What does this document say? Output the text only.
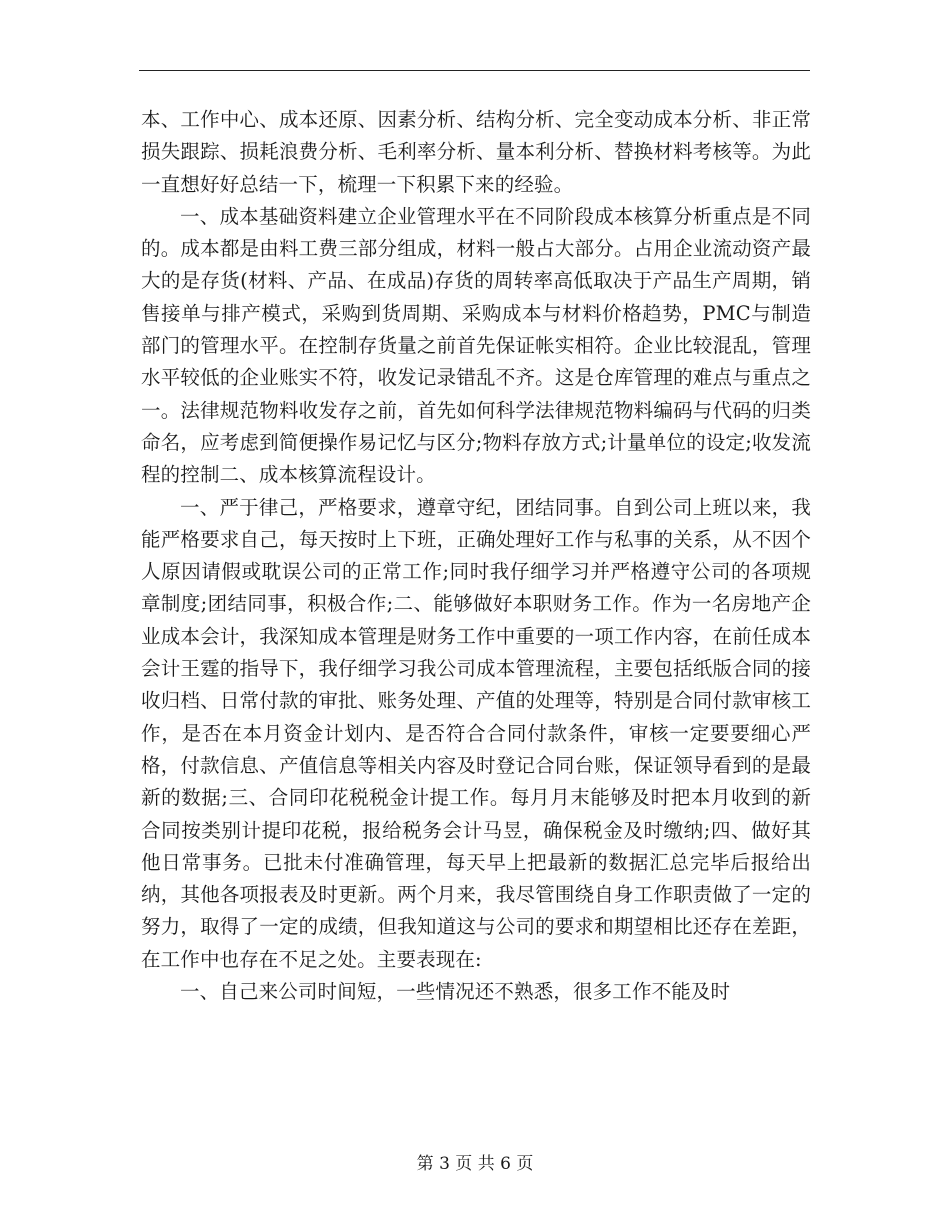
本、工作中心、成本还原、因素分析、结构分析、完全变动成本分析、非正常损失跟踪、损耗浪费分析、毛利率分析、量本利分析、替换材料考核等。为此一直想好好总结一下，梳理一下积累下来的经验。

一、成本基础资料建立企业管理水平在不同阶段成本核算分析重点是不同的。成本都是由料工费三部分组成，材料一般占大部分。占用企业流动资产最大的是存货(材料、产品、在成品)存货的周转率高低取决于产品生产周期，销售接单与排产模式，采购到货周期、采购成本与材料价格趋势，PMC与制造部门的管理水平。在控制存货量之前首先保证帐实相符。企业比较混乱，管理水平较低的企业账实不符，收发记录错乱不齐。这是仓库管理的难点与重点之一。法律规范物料收发存之前，首先如何科学法律规范物料编码与代码的归类命名，应考虑到简便操作易记忆与区分;物料存放方式;计量单位的设定;收发流程的控制二、成本核算流程设计。

一、严于律己，严格要求，遵章守纪，团结同事。自到公司上班以来，我能严格要求自己，每天按时上下班，正确处理好工作与私事的关系，从不因个人原因请假或耽误公司的正常工作;同时我仔细学习并严格遵守公司的各项规章制度;团结同事，积极合作;二、能够做好本职财务工作。作为一名房地产企业成本会计，我深知成本管理是财务工作中重要的一项工作内容，在前任成本会计王霆的指导下，我仔细学习我公司成本管理流程，主要包括纸版合同的接收归档、日常付款的审批、账务处理、产值的处理等，特别是合同付款审核工作，是否在本月资金计划内、是否符合合同付款条件，审核一定要要细心严格，付款信息、产值信息等相关内容及时登记合同台账，保证领导看到的是最新的数据;三、合同印花税税金计提工作。每月月末能够及时把本月收到的新合同按类别计提印花税，报给税务会计马昱，确保税金及时缴纳;四、做好其他日常事务。已批未付准确管理，每天早上把最新的数据汇总完毕后报给出纳，其他各项报表及时更新。两个月来，我尽管围绕自身工作职责做了一定的努力，取得了一定的成绩，但我知道这与公司的要求和期望相比还存在差距，在工作中也存在不足之处。主要表现在:

一、自己来公司时间短，一些情况还不熟悉，很多工作不能及时

第 3 页 共 6 页
